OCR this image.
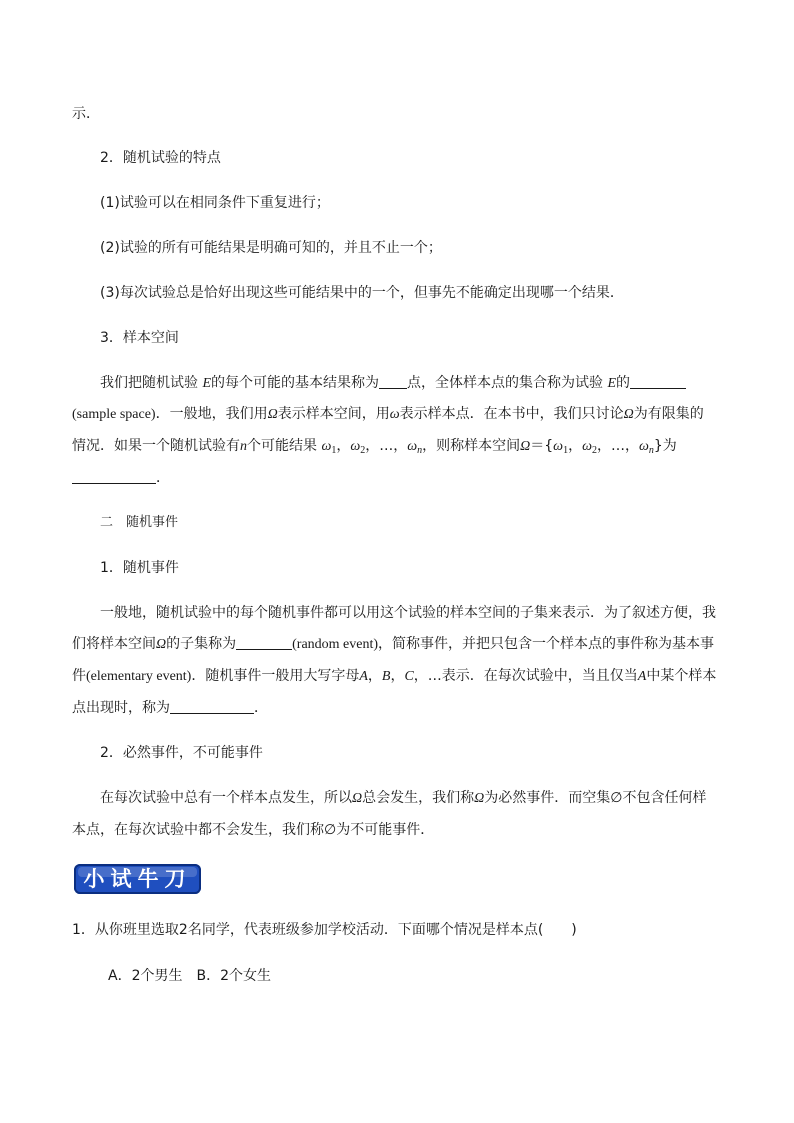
示．
2．随机试验的特点
(1)试验可以在相同条件下重复进行；
(2)试验的所有可能结果是明确可知的，并且不止一个；
(3)每次试验总是恰好出现这些可能结果中的一个，但事先不能确定出现哪一个结果．
3．样本空间
我们把随机试验 E的每个可能的基本结果称为 点，全体样本点的集合称为试验 E的
(sample space)．一般地，我们用Ω表示样本空间，用ω表示样本点．在本书中，我们只讨论Ω为有限集的
情况．如果一个随机试验有n个可能结果 $\omega_1$，$\omega_2$，…，$\omega_n$，则称样本空间$\Omega=\{\omega_1$，$\omega_2$，…，$\omega_n$}为
．
二　随机事件
1．随机事件
一般地，随机试验中的每个随机事件都可以用这个试验的样本空间的子集来表示．为了叙述方便，我
们将样本空间Ω的子集称为	(random event)，简称事件，并把只包含一个样本点的事件称为基本事
件(elementary event)．随机事件一般用大写字母A，B，C，…表示．在每次试验中，当且仅当A中某个样本
点出现时，称为	．
2．必然事件，不可能事件
在每次试验中总有一个样本点发生，所以Ω总会发生，我们称Ω为必然事件．而空集∅不包含任何样
本点，在每次试验中都不会发生，我们称∅为不可能事件．
小试牛刀
1．从你班里选取2名同学，代表班级参加学校活动．下面哪个情况是样本点(　　)
A．2个男生　B．2个女生
